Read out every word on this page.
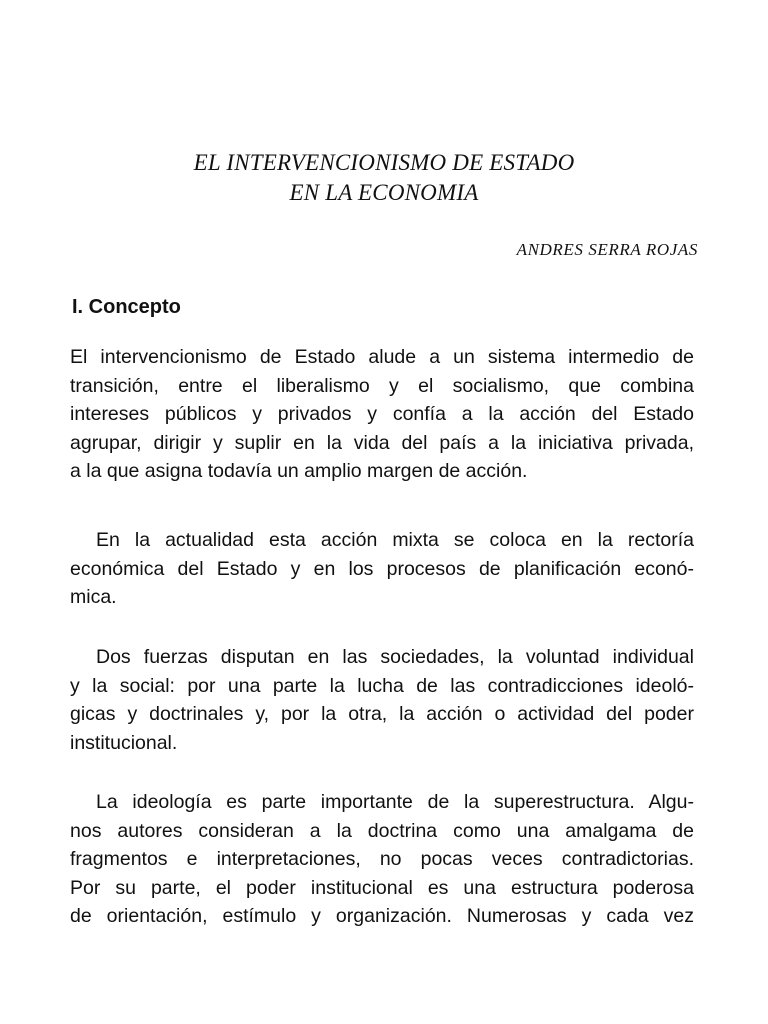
EL INTERVENCIONISMO DE ESTADO
EN LA ECONOMIA

ANDRES SERRA ROJAS

I. Concepto
El intervencionismo de Estado alude a un sistema intermedio de
transición, entre el liberalismo y el socialismo, que combina
intereses públicos y privados y confía a la acción del Estado
agrupar, dirigir y suplir en la vida del país a la iniciativa privada,
a la que asigna todavía un amplio margen de acción.
En la actualidad esta acción mixta se coloca en la rectoría
económica del Estado y en los procesos de planificación econó-
mica.
Dos fuerzas disputan en las sociedades, la voluntad individual
y la social: por una parte la lucha de las contradicciones ideoló-
gicas y doctrinales y, por la otra, la acción o actividad del poder
institucional.
La ideología es parte importante de la superestructura. Algu-
nos autores consideran a la doctrina como una amalgama de
fragmentos e interpretaciones, no pocas veces contradictorias.
Por su parte, el poder institucional es una estructura poderosa
de orientación, estímulo y organización. Numerosas y cada vez
